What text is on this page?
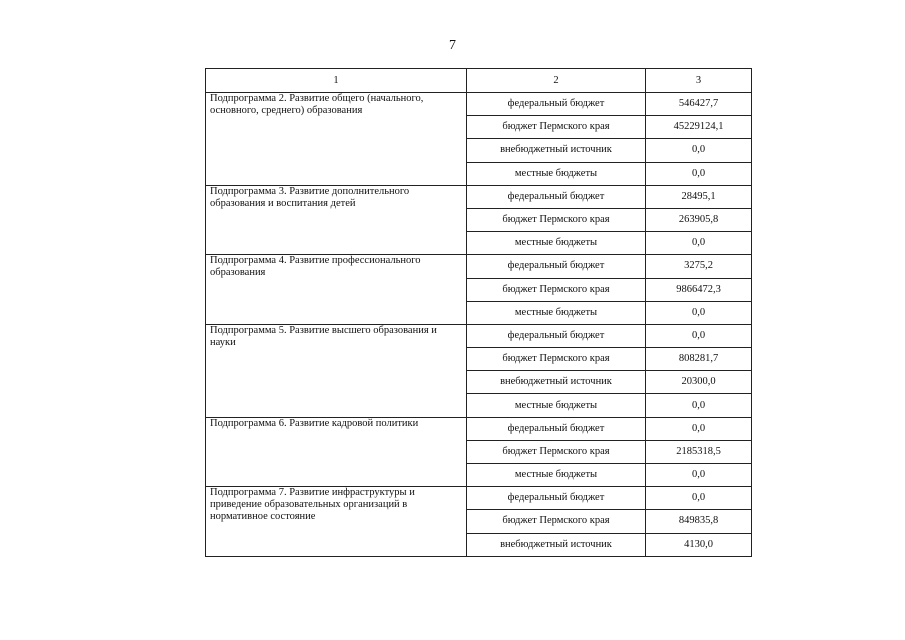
7
1	2	3
Подпрограмма 2. Развитие общего (начального, основного, среднего) образования	федеральный бюджет	546427,7
	бюджет Пермского края	45229124,1
	внебюджетный источник	0,0
	местные бюджеты	0,0
Подпрограмма 3. Развитие дополнительного образования и воспитания детей	федеральный бюджет	28495,1
	бюджет Пермского края	263905,8
	местные бюджеты	0,0
Подпрограмма 4. Развитие профессионального образования	федеральный бюджет	3275,2
	бюджет Пермского края	9866472,3
	местные бюджеты	0,0
Подпрограмма 5. Развитие высшего образования и науки	федеральный бюджет	0,0
	бюджет Пермского края	808281,7
	внебюджетный источник	20300,0
	местные бюджеты	0,0
Подпрограмма 6. Развитие кадровой политики	федеральный бюджет	0,0
	бюджет Пермского края	2185318,5
	местные бюджеты	0,0
Подпрограмма 7. Развитие инфраструктуры и приведение образовательных организаций в нормативное состояние	федеральный бюджет	0,0
	бюджет Пермского края	849835,8
	внебюджетный источник	4130,0
